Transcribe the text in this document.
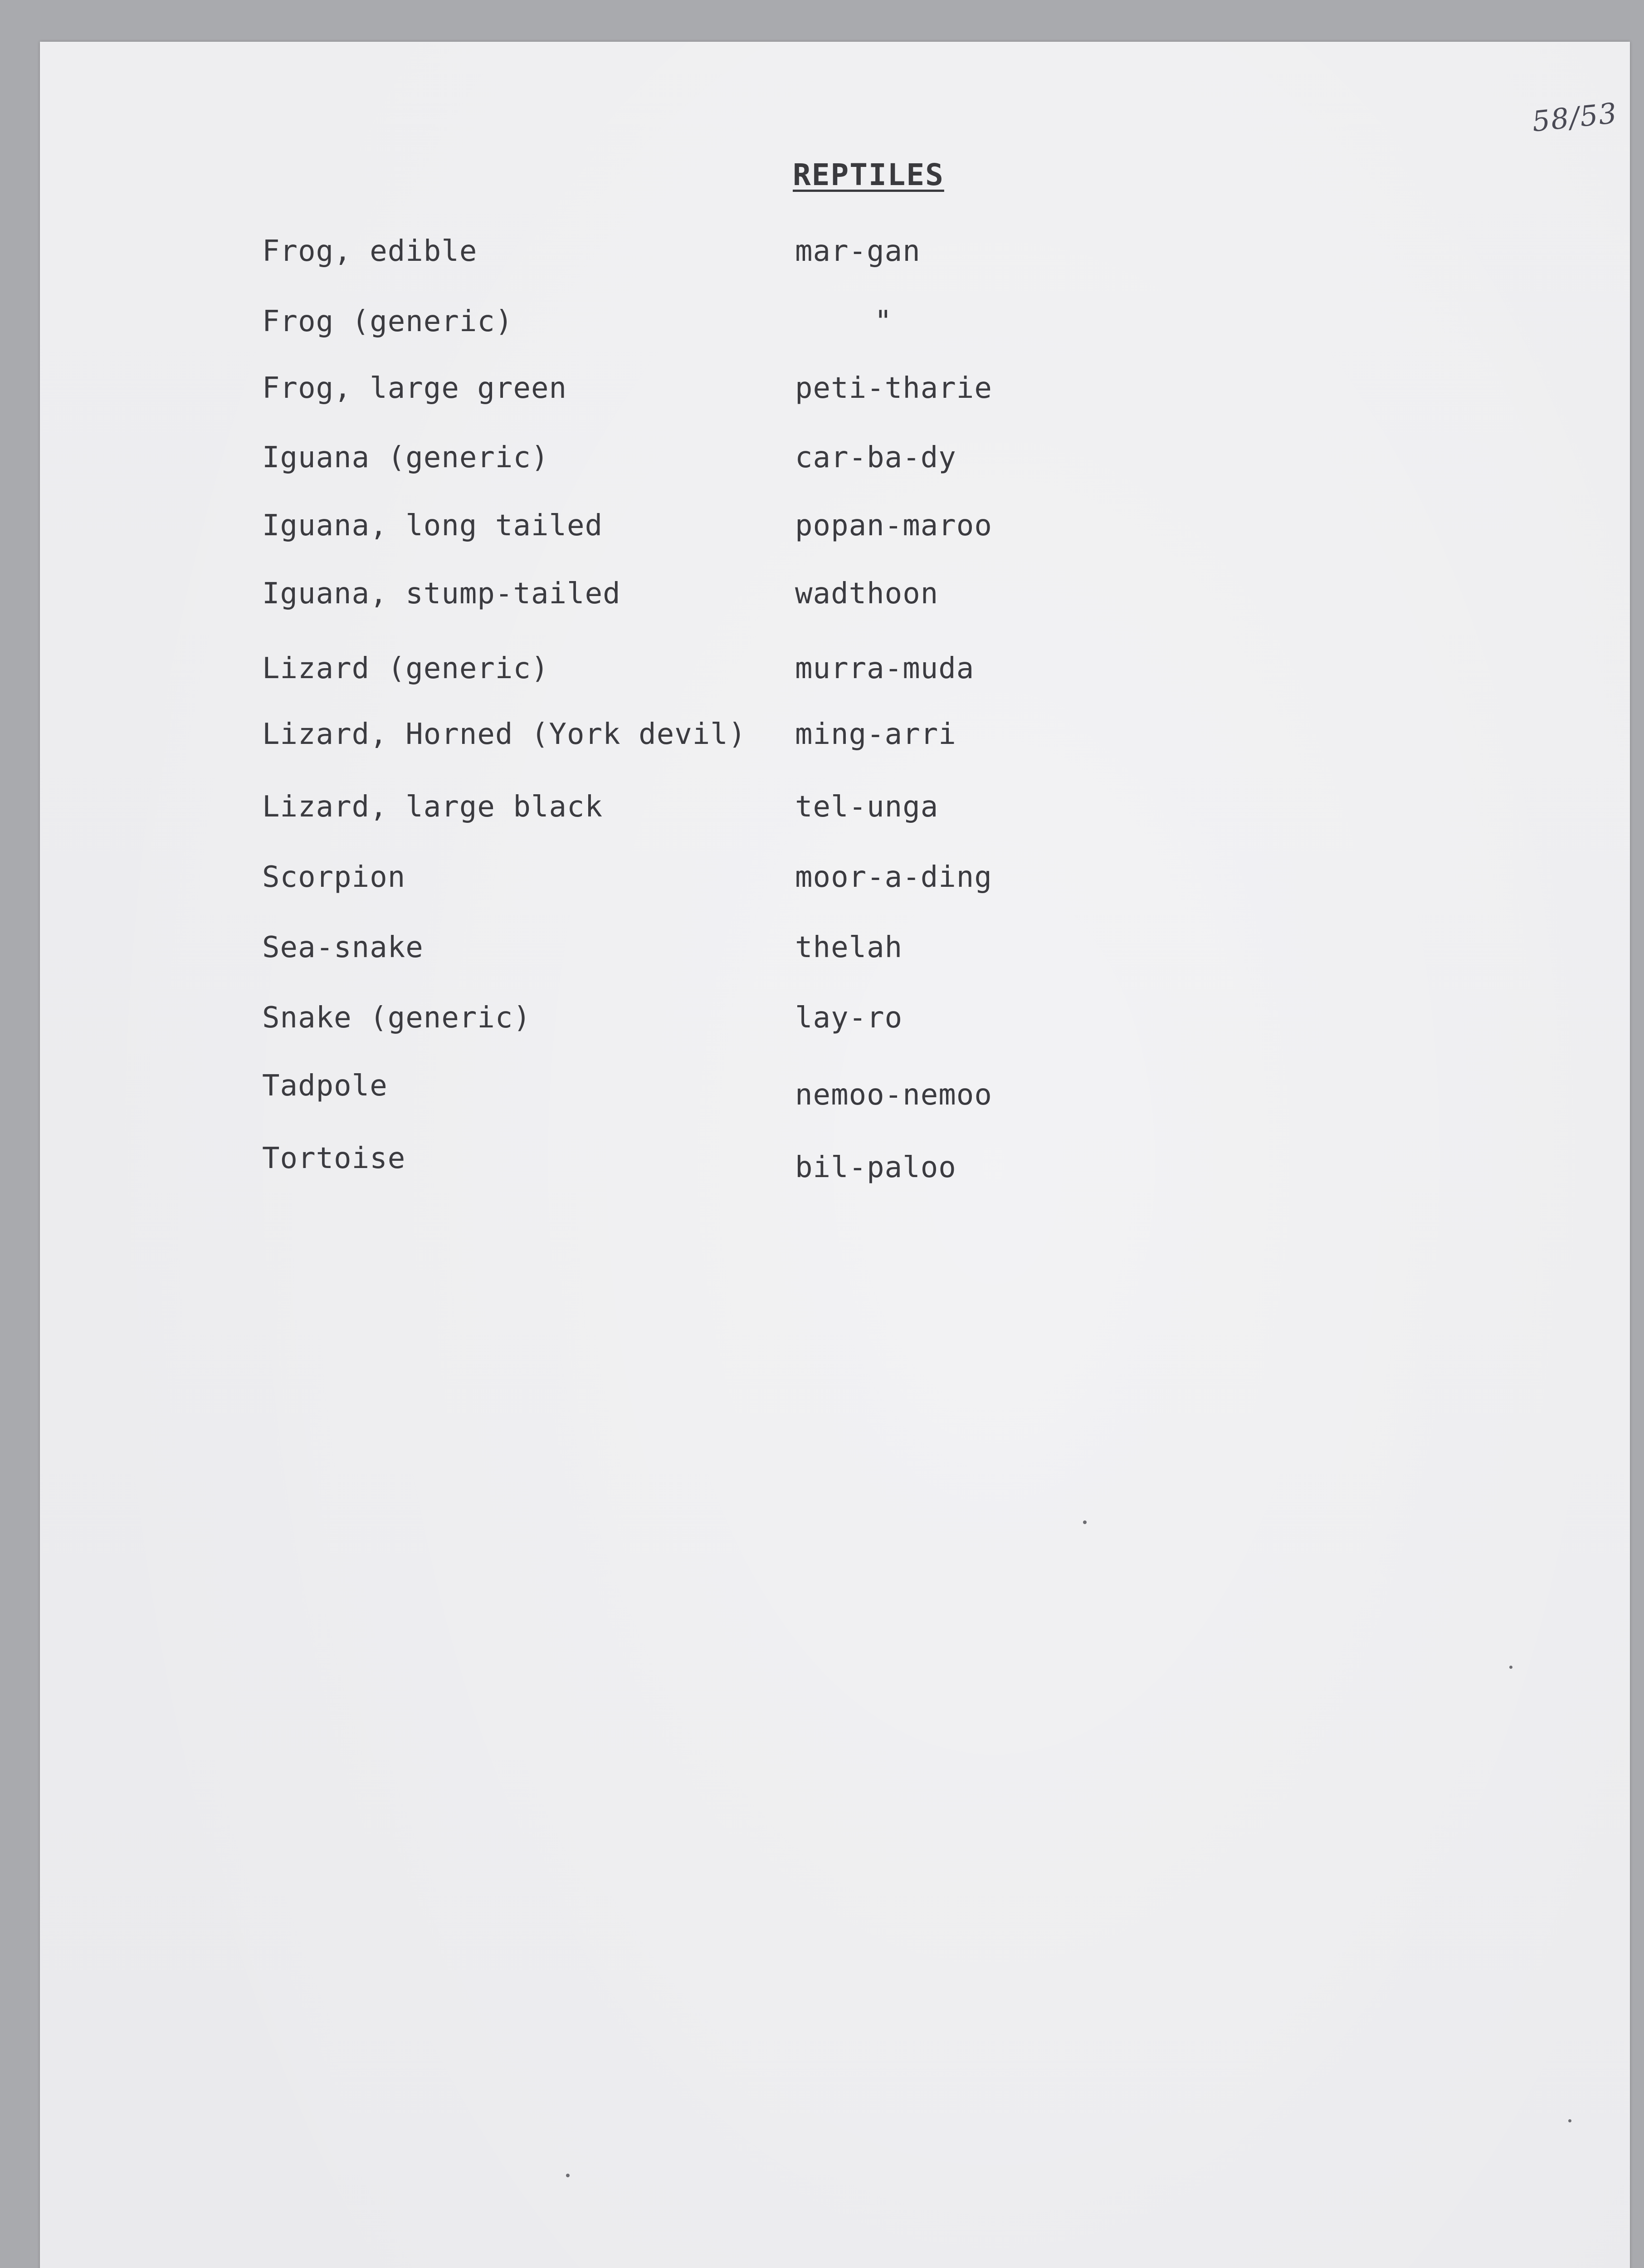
58/53
REPTILES
Frog, edible	mar-gan
Frog (generic)	"
Frog, large green	peti-tharie
Iguana (generic)	car-ba-dy
Iguana, long tailed	popan-maroo
Iguana, stump-tailed	wadthoon
Lizard (generic)	murra-muda
Lizard, Horned (York devil) ming-arri
Lizard, large black	tel-unga
Scorpion	moor-a-ding
Sea-snake	thelah
Snake (generic)	lay-ro
Tadpole	nemoo-nemoo
Tortoise	bil-paloo
